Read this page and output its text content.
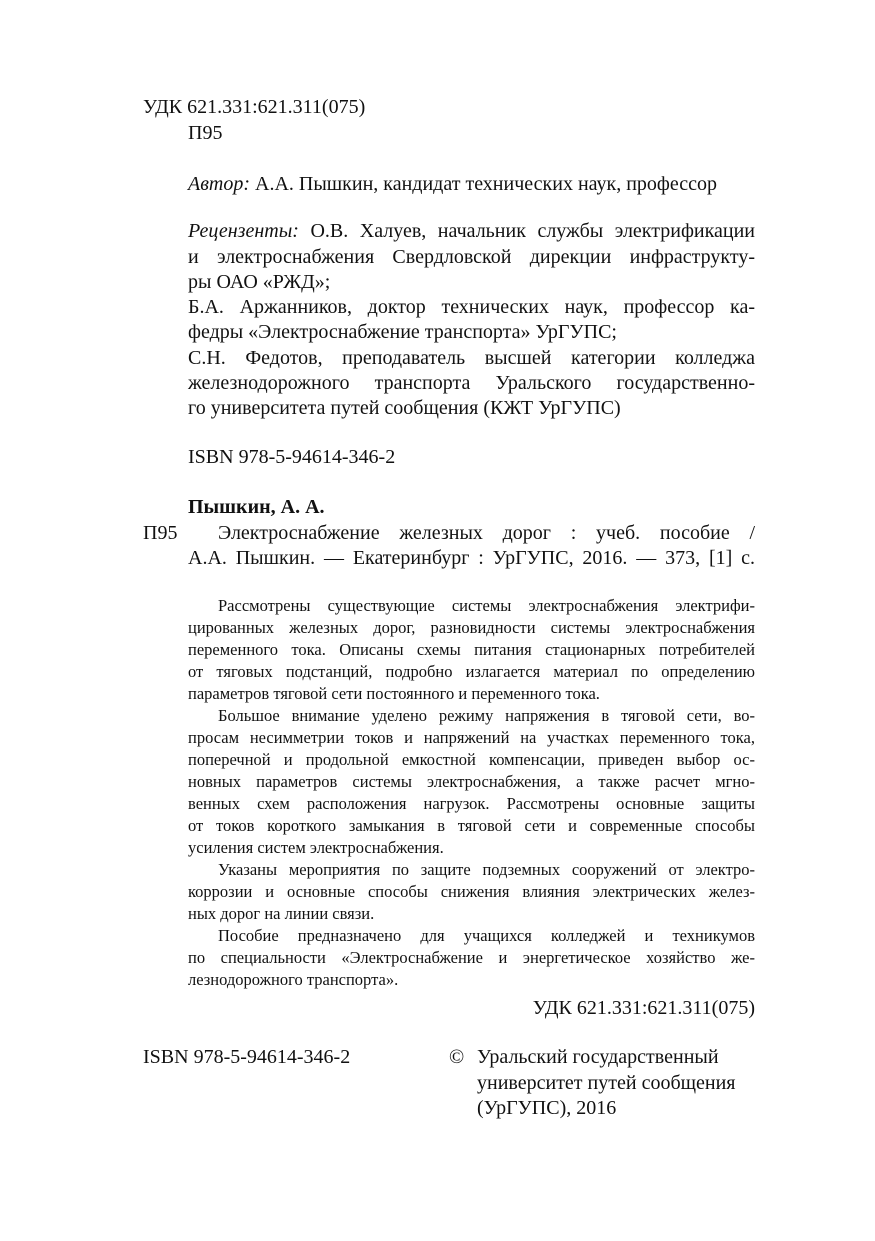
УДК 621.331:621.311(075)
П95
Автор: А.А. Пышкин, кандидат технических наук, профессор
Рецензенты: О.В. Халуев, начальник службы электрификации
и электроснабжения Свердловской дирекции инфраструкту-
ры ОАО «РЖД»;
Б.А. Аржанников, доктор технических наук, профессор ка-
федры «Электроснабжение транспорта» УрГУПС;
С.Н. Федотов, преподаватель высшей категории колледжа
железнодорожного транспорта Уральского государственно-
го университета путей сообщения (КЖТ УрГУПС)
ISBN 978-5-94614-346-2
Пышкин, А. А.
П95 Электроснабжение железных дорог : учеб. пособие /
А.А. Пышкин. — Екатеринбург : УрГУПС, 2016. — 373, [1] с.
Рассмотрены существующие системы электроснабжения электрифи-
цированных железных дорог, разновидности системы электроснабжения
переменного тока. Описаны схемы питания стационарных потребителей
от тяговых подстанций, подробно излагается материал по определению
параметров тяговой сети постоянного и переменного тока.
Большое внимание уделено режиму напряжения в тяговой сети, во-
просам несимметрии токов и напряжений на участках переменного тока,
поперечной и продольной емкостной компенсации, приведен выбор ос-
новных параметров системы электроснабжения, а также расчет мгно-
венных схем расположения нагрузок. Рассмотрены основные защиты
от токов короткого замыкания в тяговой сети и современные способы
усиления систем электроснабжения.
Указаны мероприятия по защите подземных сооружений от электро-
коррозии и основные способы снижения влияния электрических желез-
ных дорог на линии связи.
Пособие предназначено для учащихся колледжей и техникумов
по специальности «Электроснабжение и энергетическое хозяйство же-
лезнодорожного транспорта».
УДК 621.331:621.311(075)
ISBN 978-5-94614-346-2	© Уральский государственный
университет путей сообщения
(УрГУПС), 2016
